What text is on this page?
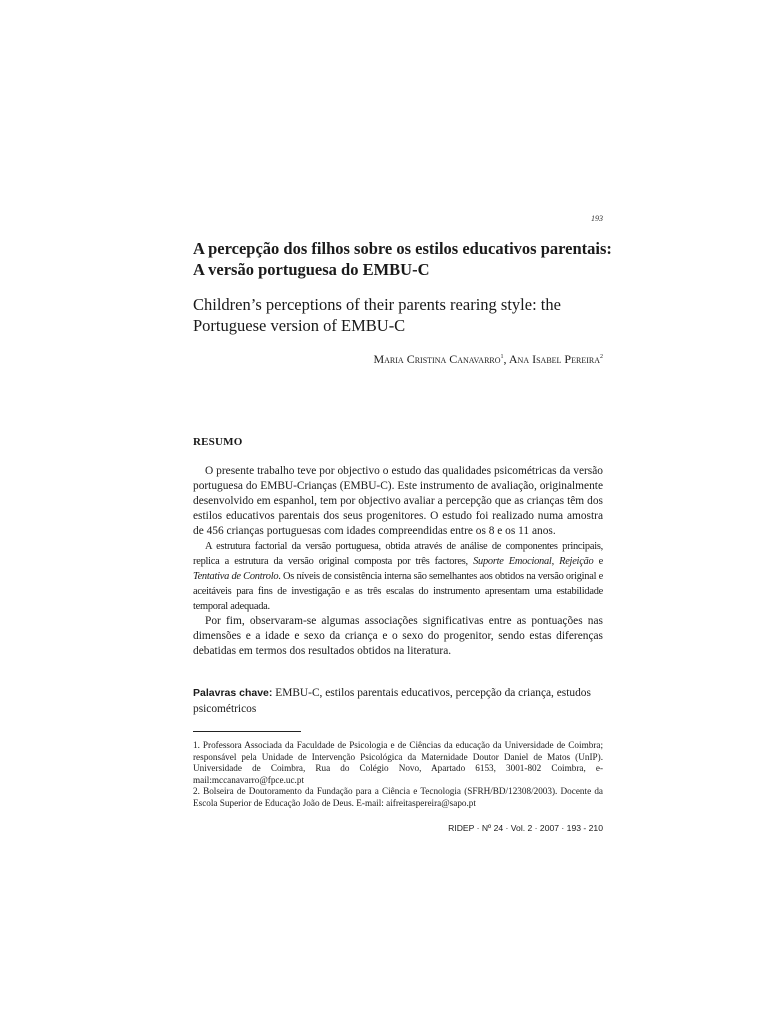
193
A percepção dos filhos sobre os estilos educativos parentais: A versão portuguesa do EMBU-C
Children’s perceptions of their parents rearing style: the Portuguese version of EMBU-C
Maria Cristina Canavarro$^1$, Ana Isabel Pereira$^2$
RESUMO

O presente trabalho teve por objectivo o estudo das qualidades psicométricas da versão portuguesa do EMBU-Crianças (EMBU-C). Este instrumento de avaliação, originalmente desenvolvido em espanhol, tem por objectivo avaliar a percepção que as crianças têm dos estilos educativos parentais dos seus progenitores. O estudo foi realizado numa amostra de 456 crianças portuguesas com idades compreendidas entre os 8 e os 11 anos.

A estrutura factorial da versão portuguesa, obtida através de análise de componentes principais, replica a estrutura da versão original composta por três factores, Suporte Emocional, Rejeição e Tentativa de Controlo. Os níveis de consistência interna são semelhantes aos obtidos na versão original e aceitáveis para fins de investigação e as três escalas do instrumento apresentam uma estabilidade temporal adequada.

Por fim, observaram-se algumas associações significativas entre as pontuações nas dimensões e a idade e sexo da criança e o sexo do progenitor, sendo estas diferenças debatidas em termos dos resultados obtidos na literatura.

Palavras chave: EMBU-C, estilos parentais educativos, percepção da criança, estudos psicométricos

1. Professora Associada da Faculdade de Psicologia e de Ciências da educação da Universidade de Coimbra; responsável pela Unidade de Intervenção Psicológica da Maternidade Doutor Daniel de Matos (UnIP). Universidade de Coimbra, Rua do Colégio Novo, Apartado 6153, 3001-802 Coimbra, e-mail:mccanavarro@fpce.uc.pt

2. Bolseira de Doutoramento da Fundação para a Ciência e Tecnologia (SFRH/BD/12308/2003). Docente da Escola Superior de Educação João de Deus. E-mail: aifreitaspereira@sapo.pt

RIDEP · Nº 24 · Vol. 2 · 2007 · 193 - 210
